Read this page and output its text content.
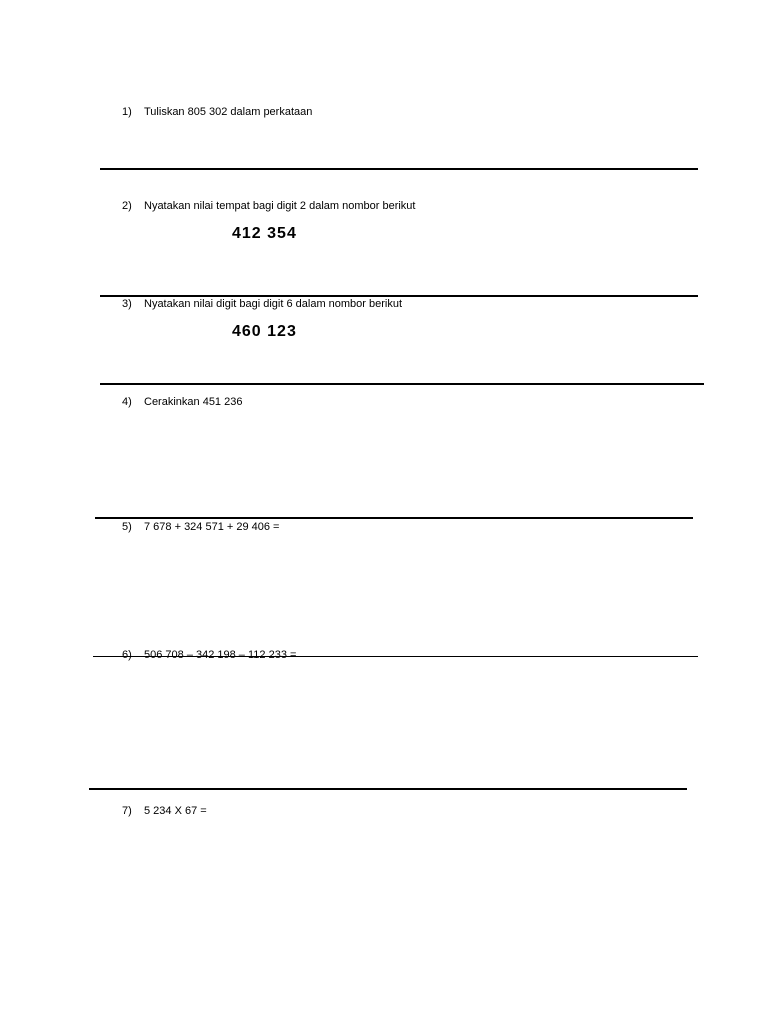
1) Tuliskan 805 302 dalam perkataan
2) Nyatakan nilai tempat bagi digit 2 dalam nombor berikut
412 354
3) Nyatakan nilai digit bagi digit 6 dalam nombor berikut
460 123
4) Cerakinkan 451 236
5) 7 678 + 324 571 + 29 406 =
6) 506 708 – 342 198 – 112 233 =
7) 5 234 X 67 =
